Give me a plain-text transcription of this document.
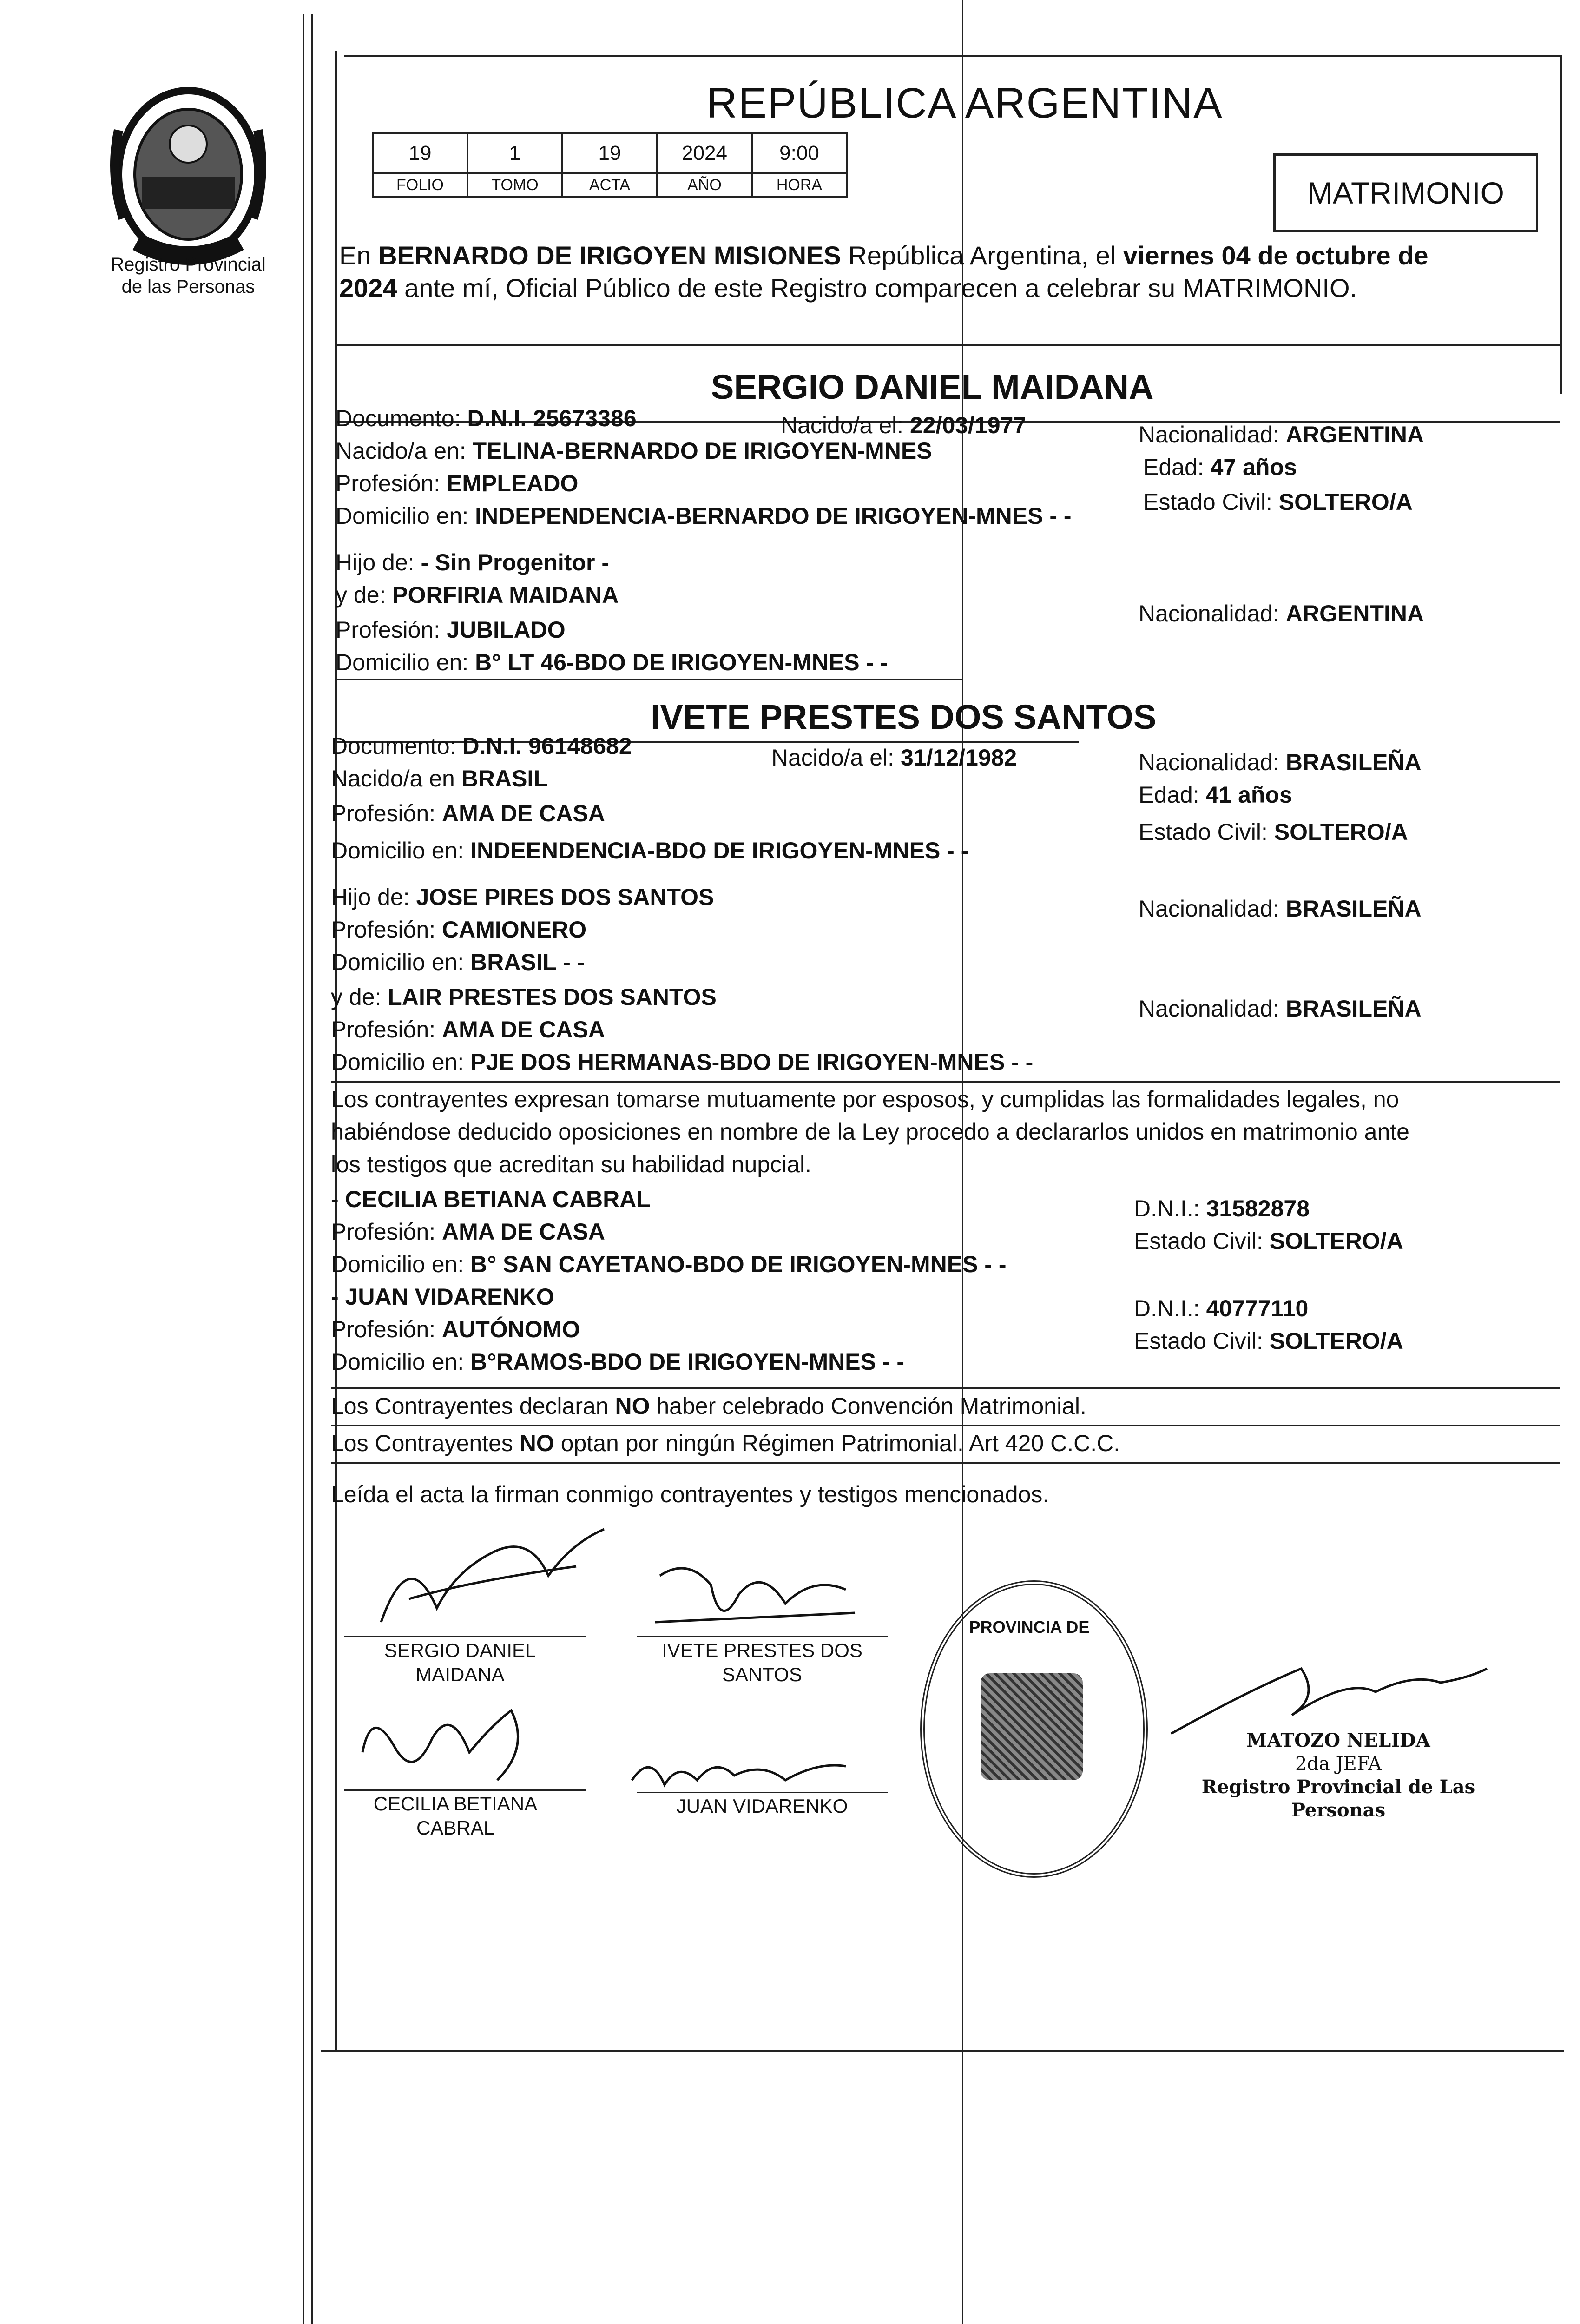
Registro Provincial
de las Personas
REPÚBLICA ARGENTINA
19	1	19	2024	9:00
FOLIO	TOMO	ACTA	AÑO	HORA	MATRIMONIO
En BERNARDO DE IRIGOYEN MISIONES República Argentina, el viernes 04 de octubre de
2024 ante mí, Oficial Público de este Registro comparecen a celebrar su MATRIMONIO.
SERGIO DANIEL MAIDANA
Documento: D.N.I. 25673386	Nacido/a el: 22/03/1977	Nacionalidad: ARGENTINA
Nacido/a en: TELINA-BERNARDO DE IRIGOYEN-MNES
Edad: 47 años
Profesión: EMPLEADO
Estado Civil: SOLTERO/A
Domicilio en: INDEPENDENCIA-BERNARDO DE IRIGOYEN-MNES - -
Hijo de: - Sin Progenitor -
y de: PORFIRIA MAIDANA
Nacionalidad: ARGENTINA
Profesión: JUBILADO
Domicilio en: B° LT 46-BDO DE IRIGOYEN-MNES - -
IVETE PRESTES DOS SANTOS
Documento: D.N.I. 96148682	Nacido/a el: 31/12/1982	Nacionalidad: BRASILEÑA
Nacido/a en BRASIL
Edad: 41 años
Profesión: AMA DE CASA
Estado Civil: SOLTERO/A
Domicilio en: INDEENDENCIA-BDO DE IRIGOYEN-MNES - -
Hijo de: JOSE PIRES DOS SANTOS	Nacionalidad: BRASILEÑA
Profesión: CAMIONERO
Domicilio en: BRASIL - -
y de: LAIR PRESTES DOS SANTOS	Nacionalidad: BRASILEÑA
Profesión: AMA DE CASA
Domicilio en: PJE DOS HERMANAS-BDO DE IRIGOYEN-MNES - -
Los contrayentes expresan tomarse mutuamente por esposos, y cumplidas las formalidades legales, no
habiéndose deducido oposiciones en nombre de la Ley procedo a declararlos unidos en matrimonio ante
los testigos que acreditan su habilidad nupcial.
- CECILIA BETIANA CABRAL	D.N.I.: 31582878
Profesión: AMA DE CASA	Estado Civil: SOLTERO/A
Domicilio en: B° SAN CAYETANO-BDO DE IRIGOYEN-MNES - -
- JUAN VIDARENKO	D.N.I.: 40777110
Profesión: AUTÓNOMO	Estado Civil: SOLTERO/A
Domicilio en: B°RAMOS-BDO DE IRIGOYEN-MNES - -
Los Contrayentes declaran NO haber celebrado Convención Matrimonial.
Los Contrayentes NO optan por ningún Régimen Patrimonial. Art 420 C.C.C.
Leída el acta la firman conmigo contrayentes y testigos mencionados.
SERGIO DANIEL
MAIDANA
IVETE PRESTES DOS
SANTOS
CECILIA BETIANA
CABRAL
JUAN VIDARENKO
PROVINCIA DE
MATOZO NELIDA
2da JEFA
Registro Provincial de Las Personas
